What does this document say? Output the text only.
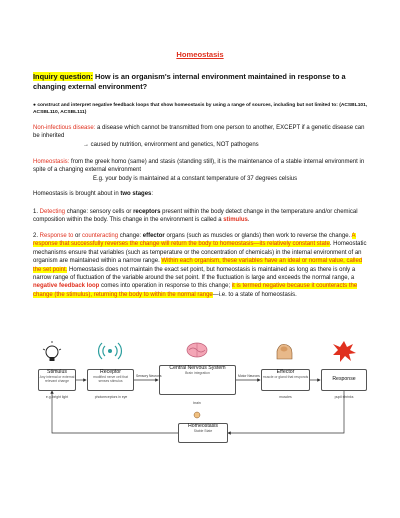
Homeostasis
Inquiry question: How is an organism's internal environment maintained in response to a changing external environment?
● construct and interpret negative feedback loops that show homeostasis by using a range of sources, including but not limited to: (ACSBL101, ACSBL110, ACSBL111)
Non-infectious disease: a disease which cannot be transmitted from one person to another, EXCEPT if a genetic disease can be inherited
→ caused by nutrition, environment and genetics, NOT pathogens
Homeostasis: from the greek homo (same) and stasis (standing still), it is the maintenance of a stable internal environment in spite of a changing external environment
E.g. your body is maintained at a constant temperature of 37 degrees celsius
Homeostasis is brought about in two stages:
1. Detecting change: sensory cells or receptors present within the body detect change in the temperature and/or chemical composition within the body. This change in the environment is called a stimulus.
2. Response to or counteracting change: effector organs (such as muscles or glands) then work to reverse the change. A response that successfully reverses the change will return the body to homeostasis—its relatively constant state. Homeostatic mechanisms ensure that variables (such as temperature or the concentration of chemicals) in the internal environment of an organism are maintained within a narrow range. Within each organism, these variables have an ideal or normal value, called the set point. Homeostasis does not maintain the exact set point, but homeostasis is maintained as long as there is only a narrow range of fluctuation of the variable around the set point. If the fluctuation is large and exceeds the normal range, a negative feedback loop comes into operation in response to this change; it is termed negative because it counteracts the change (the stimulus), returning the body to within the normal range—i.e. to a state of homeostasis.
Stimulus
Any internal or external relevant change
Receptor
modified nerve cell that senses stimulus
Central Nervous System
Brain integration	Effector
muscle or gland that responds	Response
Homeostasis
Stable State
Sensory Neurons	Motor Neurons
e.g. bright light	photoreceptors in eye
brain
muscles	pupil shrinks
